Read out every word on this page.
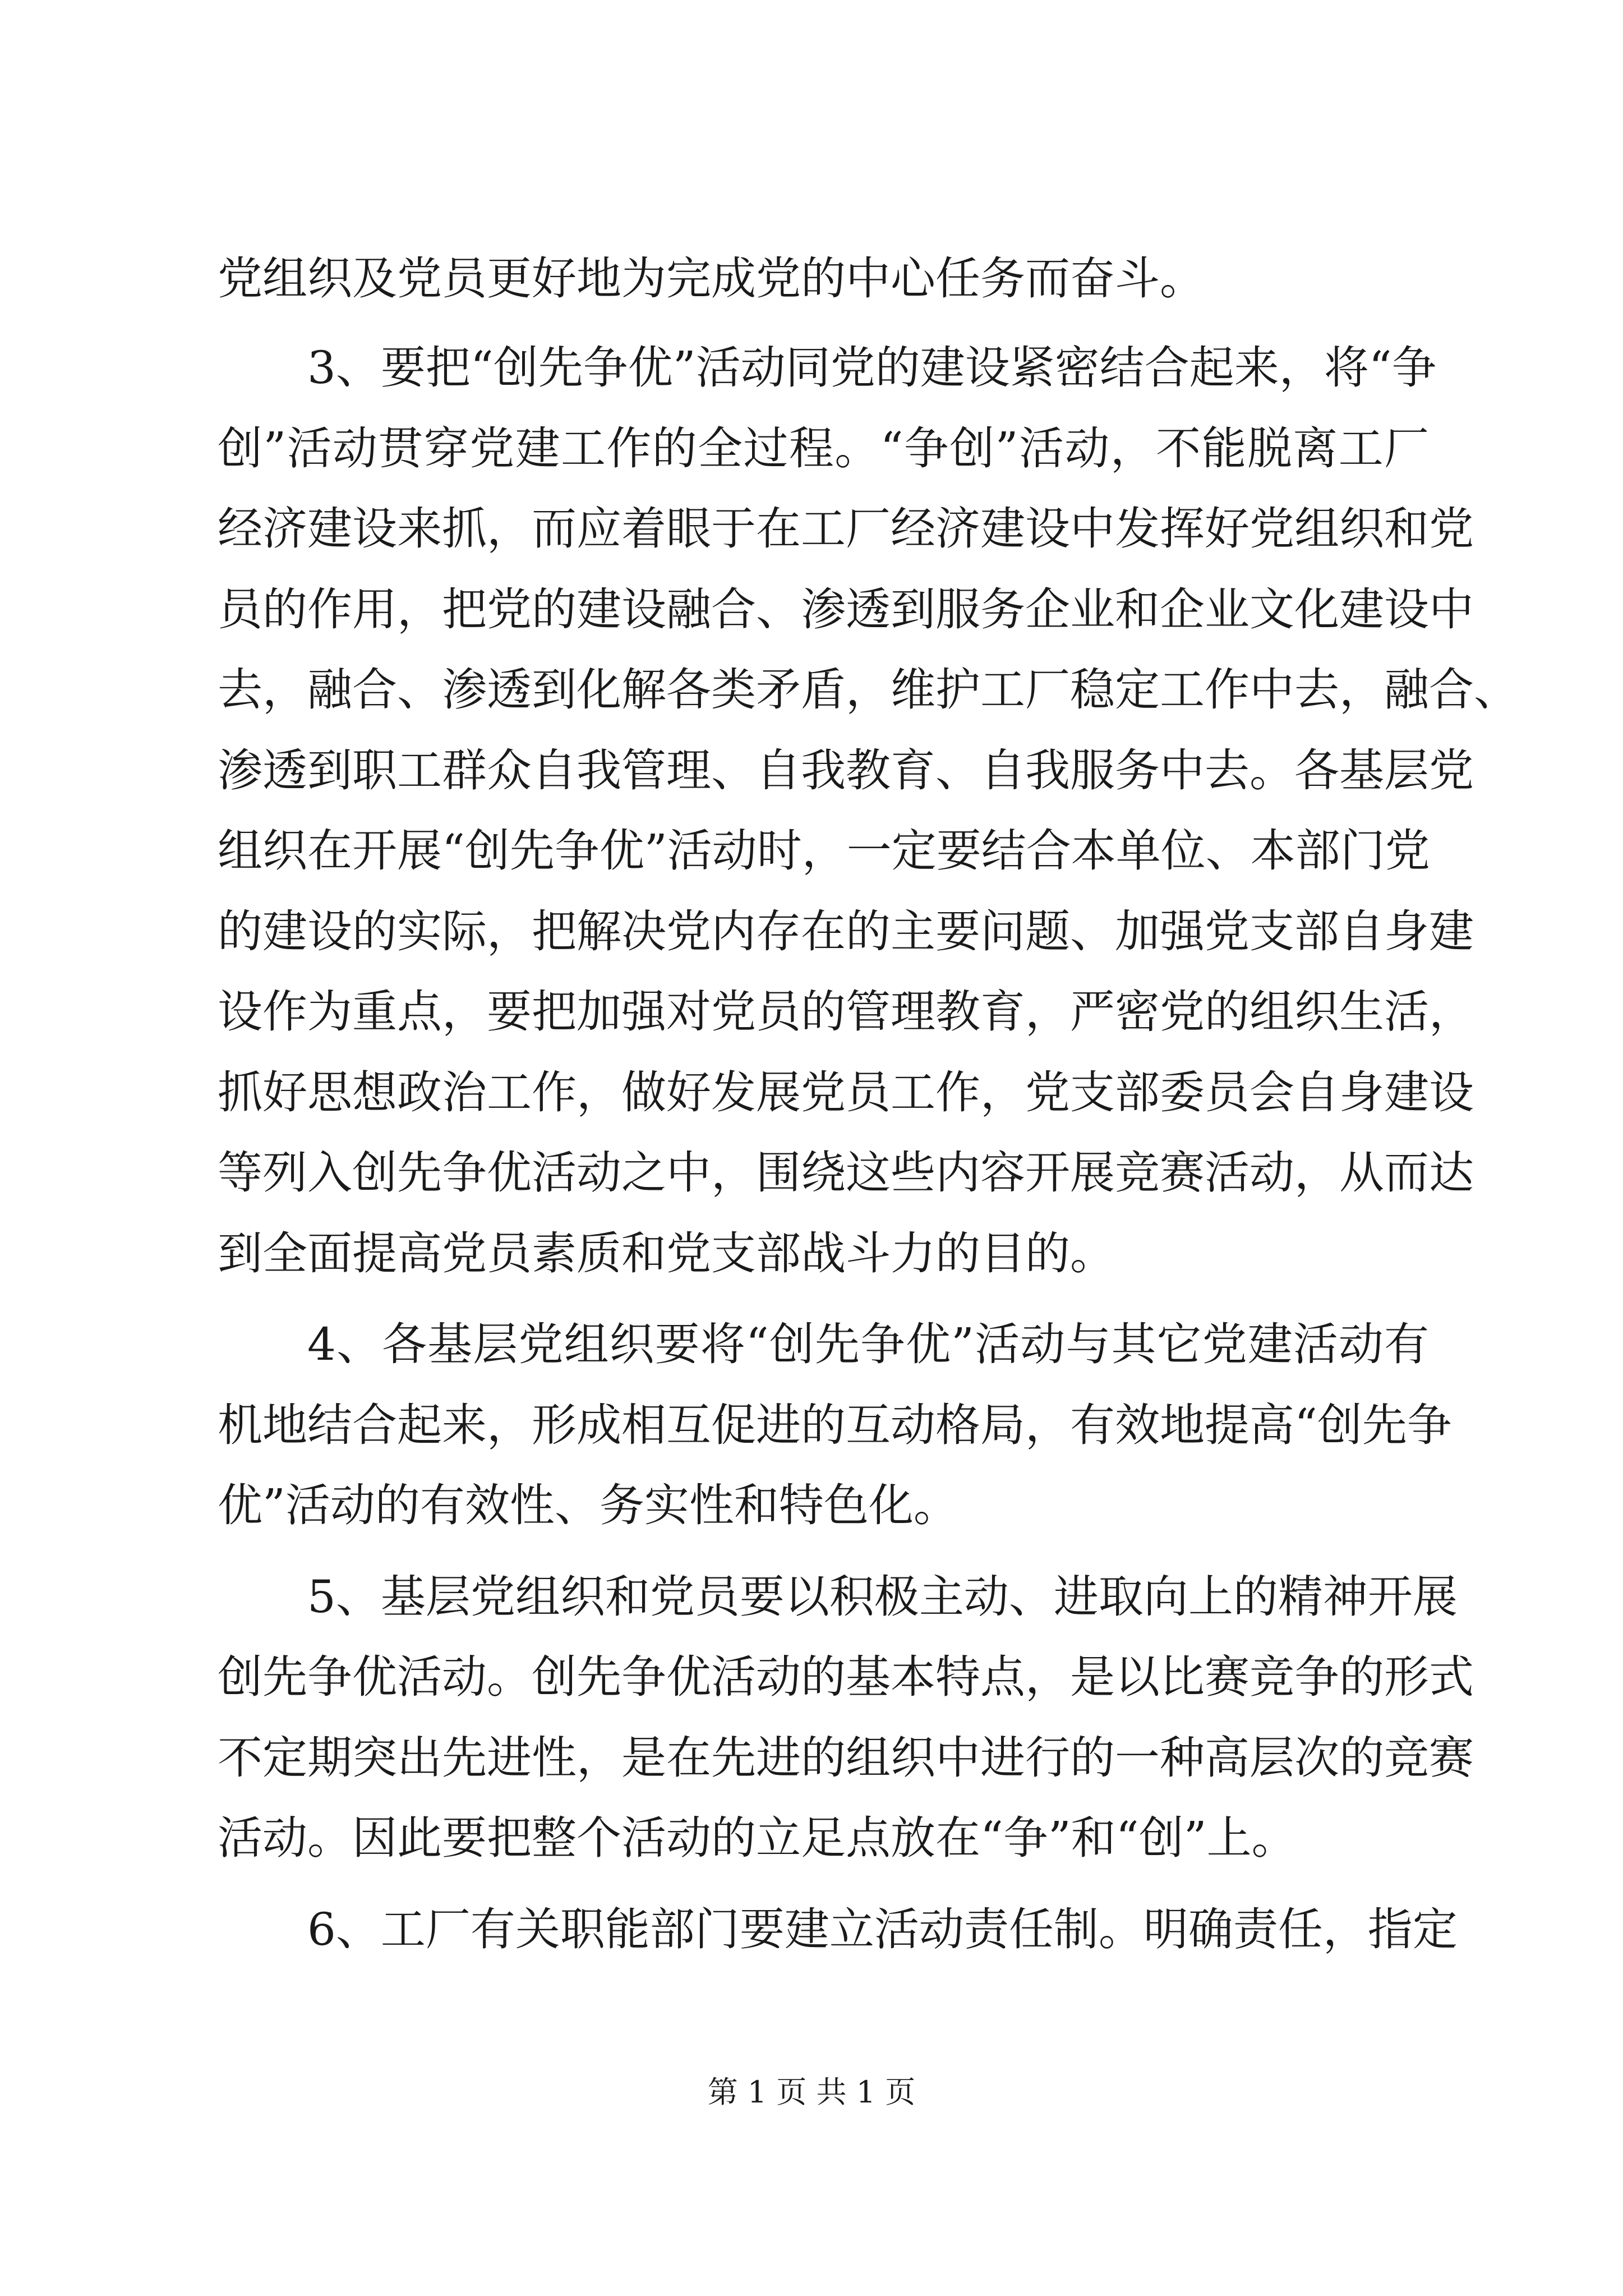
党组织及党员更好地为完成党的中心任务而奋斗。
3、要把“创先争优”活动同党的建设紧密结合起来，将“争
创”活动贯穿党建工作的全过程。“争创”活动，不能脱离工厂
经济建设来抓，而应着眼于在工厂经济建设中发挥好党组织和党
员的作用，把党的建设融合、渗透到服务企业和企业文化建设中
去，融合、渗透到化解各类矛盾，维护工厂稳定工作中去，融合、
渗透到职工群众自我管理、自我教育、自我服务中去。各基层党
组织在开展“创先争优”活动时，一定要结合本单位、本部门党
的建设的实际，把解决党内存在的主要问题、加强党支部自身建
设作为重点，要把加强对党员的管理教育，严密党的组织生活，
抓好思想政治工作，做好发展党员工作，党支部委员会自身建设
等列入创先争优活动之中，围绕这些内容开展竞赛活动，从而达
到全面提高党员素质和党支部战斗力的目的。
4、各基层党组织要将“创先争优”活动与其它党建活动有
机地结合起来，形成相互促进的互动格局，有效地提高“创先争
优”活动的有效性、务实性和特色化。
5、基层党组织和党员要以积极主动、进取向上的精神开展
创先争优活动。创先争优活动的基本特点，是以比赛竞争的形式
不定期突出先进性，是在先进的组织中进行的一种高层次的竞赛
活动。因此要把整个活动的立足点放在“争”和“创”上。
6、工厂有关职能部门要建立活动责任制。明确责任，指定
第 1 页 共 1 页
